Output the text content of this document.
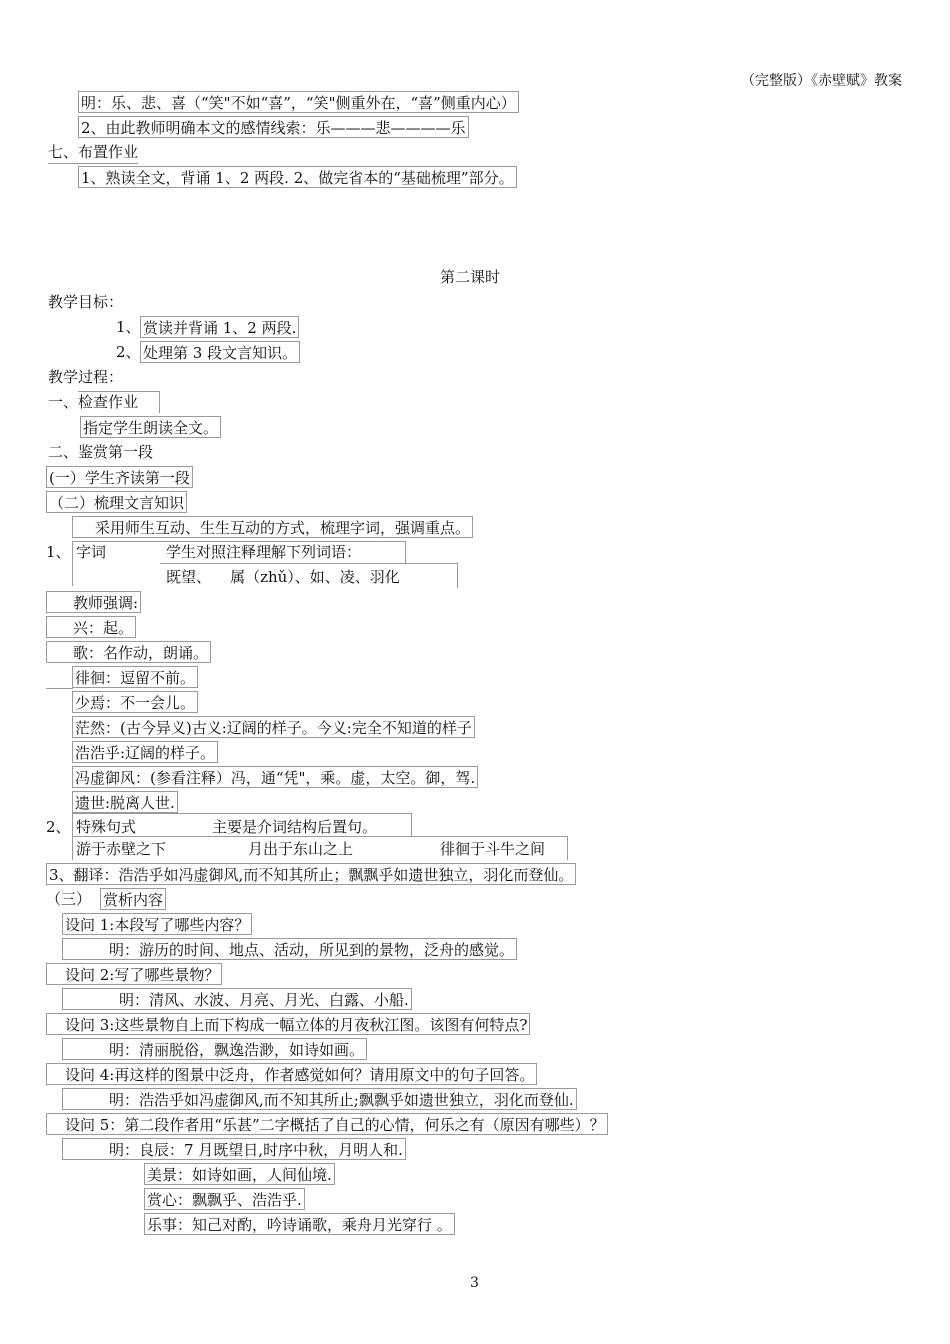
（完整版）《赤壁赋》教案
明：乐、悲、喜（“笑"不如“喜”，“笑"侧重外在，“喜”侧重内心）
2、由此教师明确本文的感情线索：乐———悲————乐
七、布置作业
1、熟读全文，背诵 1、2 两段. 2、做完省本的“基础梳理”部分。
第二课时
教学目标：
1、 赏读并背诵 1、2 两段.
2、 处理第 3 段文言知识。
教学过程：
一、检查作业
指定学生朗读全文。
二、鉴赏第一段
(一）学生齐读第一段
（二）梳理文言知识
采用师生互动、生生互动的方式，梳理字词，强调重点。
1、 字词	学生对照注释理解下列词语：
既望、    属（zhǔ）、如、凌、羽化
教师强调:
兴：起。
歌：名作动，朗诵。
徘徊：逗留不前。
少焉：不一会儿。
茫然：(古今异义)古义:辽阔的样子。今义:完全不知道的样子
浩浩乎:辽阔的样子。
冯虚御风：(参看注释）冯，通“凭"，乘。虚，太空。御，驾.
遗世:脱离人世.
2、 特殊句式	主要是介词结构后置句。
游于赤壁之下	月出于东山之上	徘徊于斗牛之间
3、翻译：浩浩乎如冯虚御风,而不知其所止；飘飘乎如遗世独立，羽化而登仙。
（三） 赏析内容
设问 1:本段写了哪些内容？
明：游历的时间、地点、活动，所见到的景物，泛舟的感觉。
设问 2:写了哪些景物？
明：清风、水波、月亮、月光、白露、小船.
设问 3:这些景物自上而下构成一幅立体的月夜秋江图。该图有何特点?
明：清丽脱俗，飘逸浩渺，如诗如画。
设问 4:再这样的图景中泛舟，作者感觉如何？请用原文中的句子回答。
明：浩浩乎如冯虚御风,而不知其所止;飘飘乎如遗世独立，羽化而登仙.
设问 5：第二段作者用“乐甚”二字概括了自己的心情，何乐之有（原因有哪些）？
明：良辰：7 月既望日,时序中秋，月明人和.
美景：如诗如画，人间仙境.
赏心：飘飘乎、浩浩乎.
乐事：知己对酌，吟诗诵歌，乘舟月光穿行 。
3
